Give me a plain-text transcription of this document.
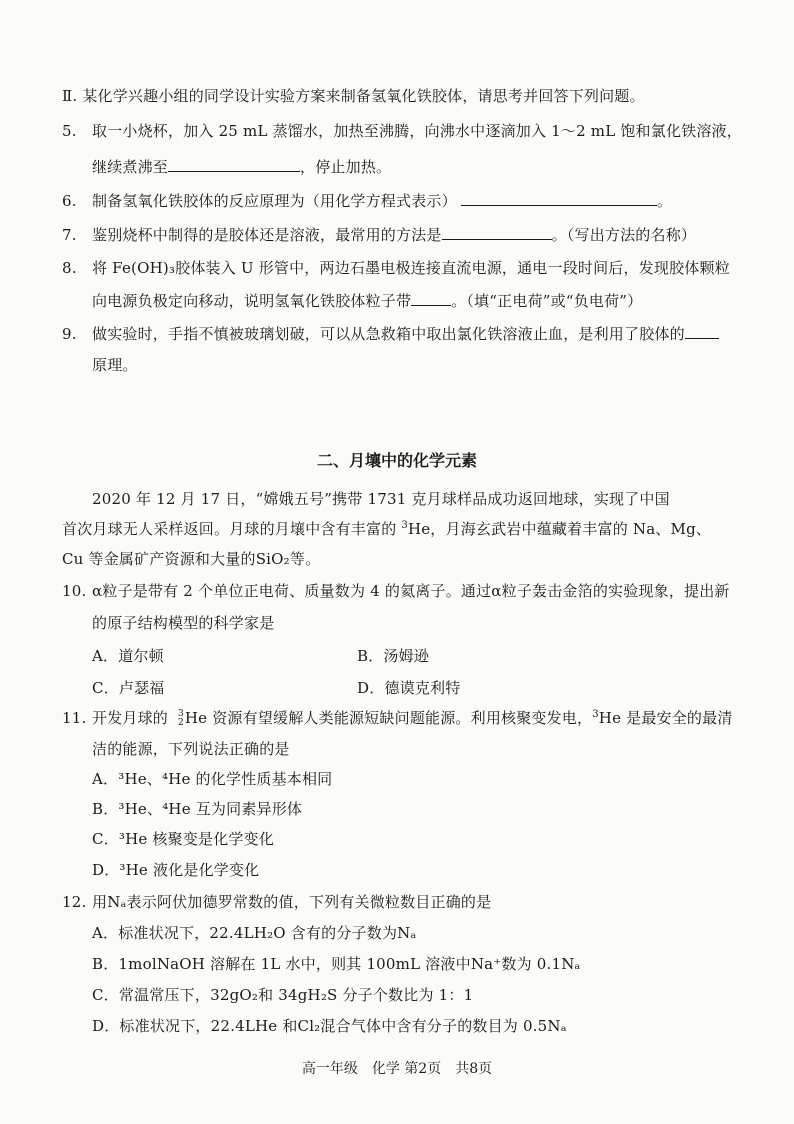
Ⅱ. 某化学兴趣小组的同学设计实验方案来制备氢氧化铁胶体，请思考并回答下列问题。
5. 取一小烧杯，加入 25 mL 蒸馏水，加热至沸腾，向沸水中逐滴加入 1～2 mL 饱和氯化铁溶液，
继续煮沸至	，停止加热。
6. 制备氢氧化铁胶体的反应原理为（用化学方程式表示）	。
7. 鉴别烧杯中制得的是胶体还是溶液，最常用的方法是	。（写出方法的名称）
8. 将 Fe(OH)₃胶体装入 U 形管中，两边石墨电极连接直流电源，通电一段时间后，发现胶体颗粒
向电源负极定向移动，说明氢氧化铁胶体粒子带	。（填“正电荷”或“负电荷”）
9. 做实验时，手指不慎被玻璃划破，可以从急救箱中取出氯化铁溶液止血，是利用了胶体的
原理。
二、月壤中的化学元素
2020 年 12 月 17 日，“嫦娥五号”携带 1731 克月球样品成功返回地球，实现了中国
首次月球无人采样返回。月球的月壤中含有丰富的 $^3$He，月海玄武岩中蕴藏着丰富的 Na、Mg、
Cu 等金属矿产资源和大量的SiO₂等。
10. α粒子是带有 2 个单位正电荷、质量数为 4 的氦离子。通过α粒子轰击金箔的实验现象，提出新
的原子结构模型的科学家是
A．道尔顿	B．汤姆逊
C．卢瑟福	D．德谟克利特
11. 开发月球的 3
2 He 资源有望缓解人类能源短缺问题能源。利用核聚变发电，$^3$He 是最安全的最清
洁的能源，下列说法正确的是
A．³He、⁴He 的化学性质基本相同
B．³He、⁴He 互为同素异形体
C．³He 核聚变是化学变化
D．³He 液化是化学变化
12. 用Nₐ表示阿伏加德罗常数的值，下列有关微粒数目正确的是
A．标准状况下，22.4LH₂O 含有的分子数为Nₐ
B．1molNaOH 溶解在 1L 水中，则其 100mL 溶液中Na⁺数为 0.1Nₐ
C．常温常压下，32gO₂和 34gH₂S 分子个数比为 1：1
D．标准状况下，22.4LHe 和Cl₂混合气体中含有分子的数目为 0.5Nₐ
高一年级　化学 第2页　共8页
